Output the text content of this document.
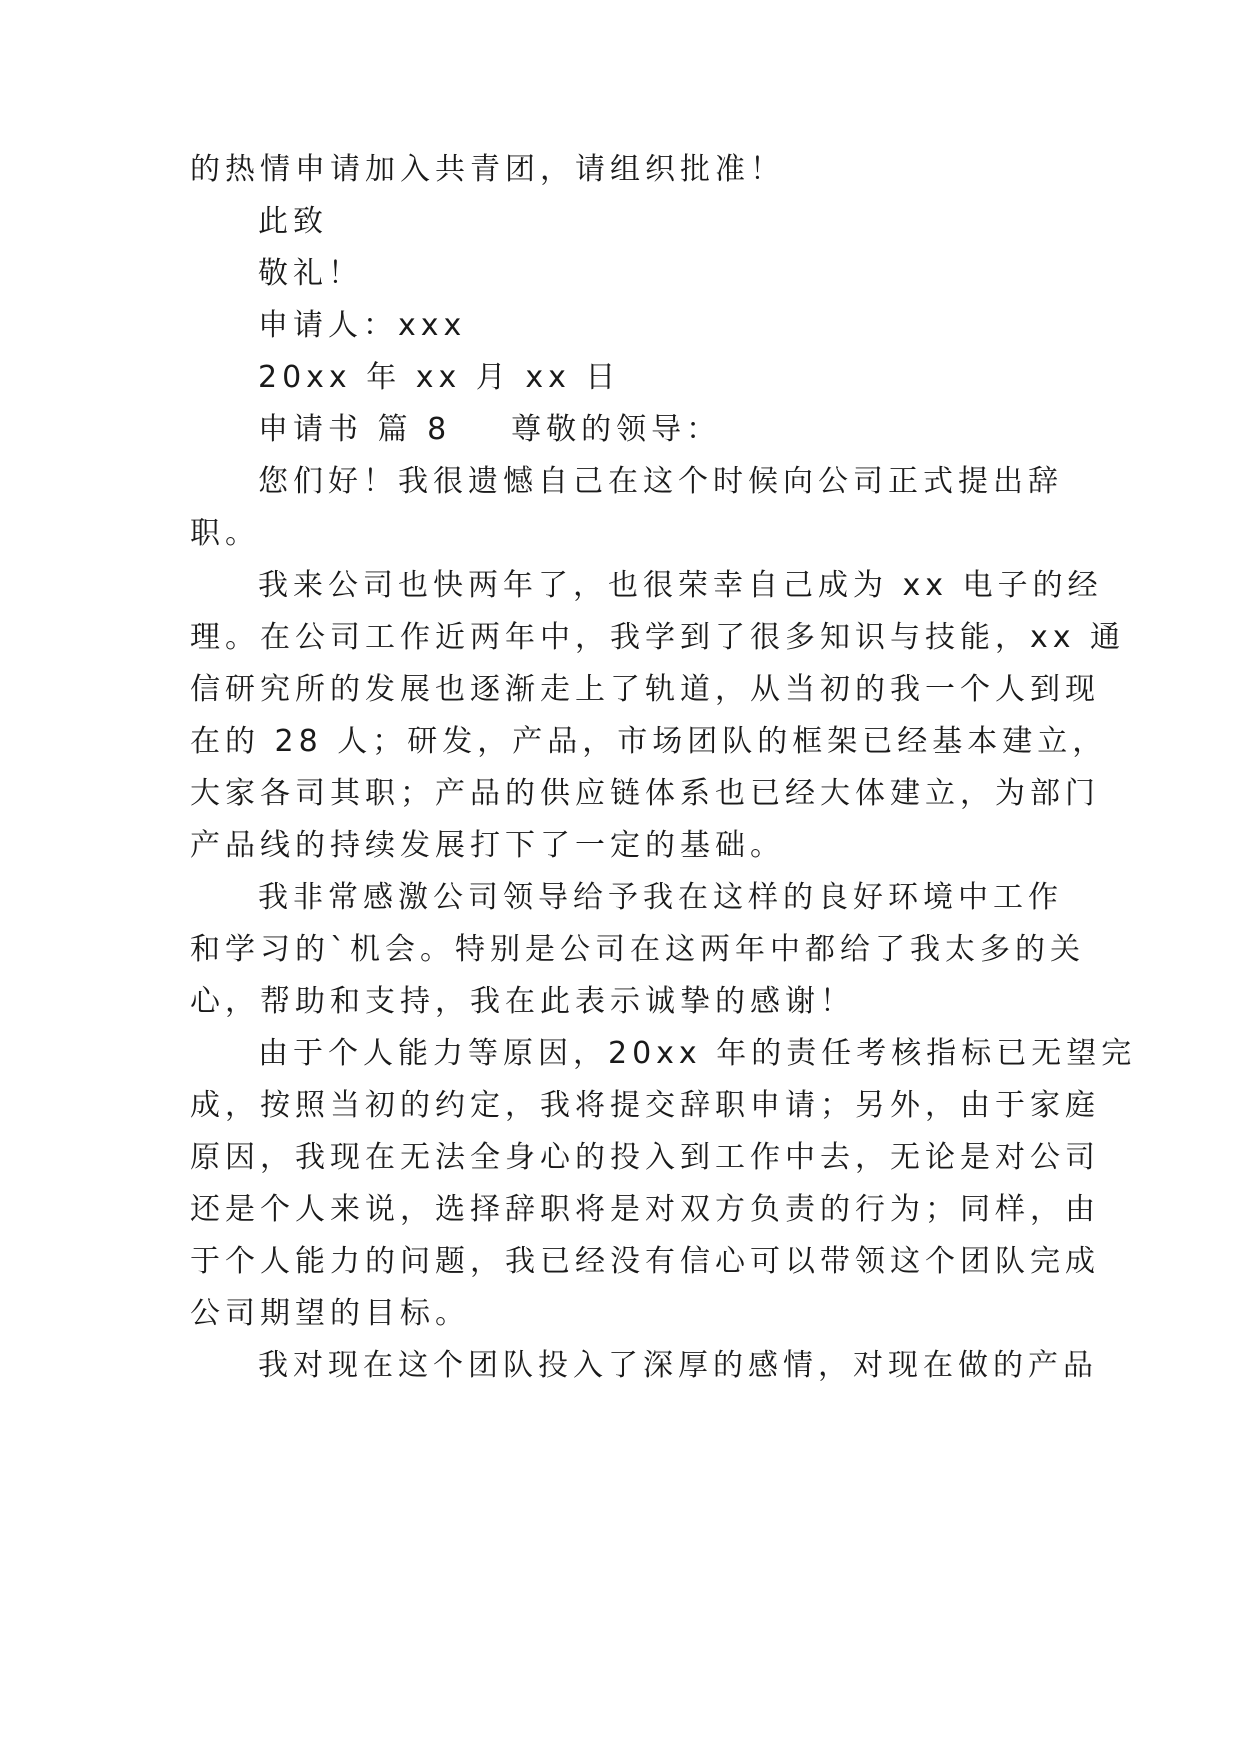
的热情申请加入共青团，请组织批准！
此致
敬礼！
申请人：xxx
20xx 年 xx 月 xx 日
申请书 篇 8 尊敬的领导：
您们好！我很遗憾自己在这个时候向公司正式提出辞
职。
我来公司也快两年了，也很荣幸自己成为 xx 电子的经
理。在公司工作近两年中，我学到了很多知识与技能，xx 通
信研究所的发展也逐渐走上了轨道，从当初的我一个人到现
在的 28 人；研发，产品，市场团队的框架已经基本建立，
大家各司其职；产品的供应链体系也已经大体建立，为部门
产品线的持续发展打下了一定的基础。
我非常感激公司领导给予我在这样的良好环境中工作
和学习的`机会。特别是公司在这两年中都给了我太多的关
心，帮助和支持，我在此表示诚挚的感谢！
由于个人能力等原因，20xx 年的责任考核指标已无望完
成，按照当初的约定，我将提交辞职申请；另外，由于家庭
原因，我现在无法全身心的投入到工作中去，无论是对公司
还是个人来说，选择辞职将是对双方负责的行为；同样，由
于个人能力的问题，我已经没有信心可以带领这个团队完成
公司期望的目标。
我对现在这个团队投入了深厚的感情，对现在做的产品
